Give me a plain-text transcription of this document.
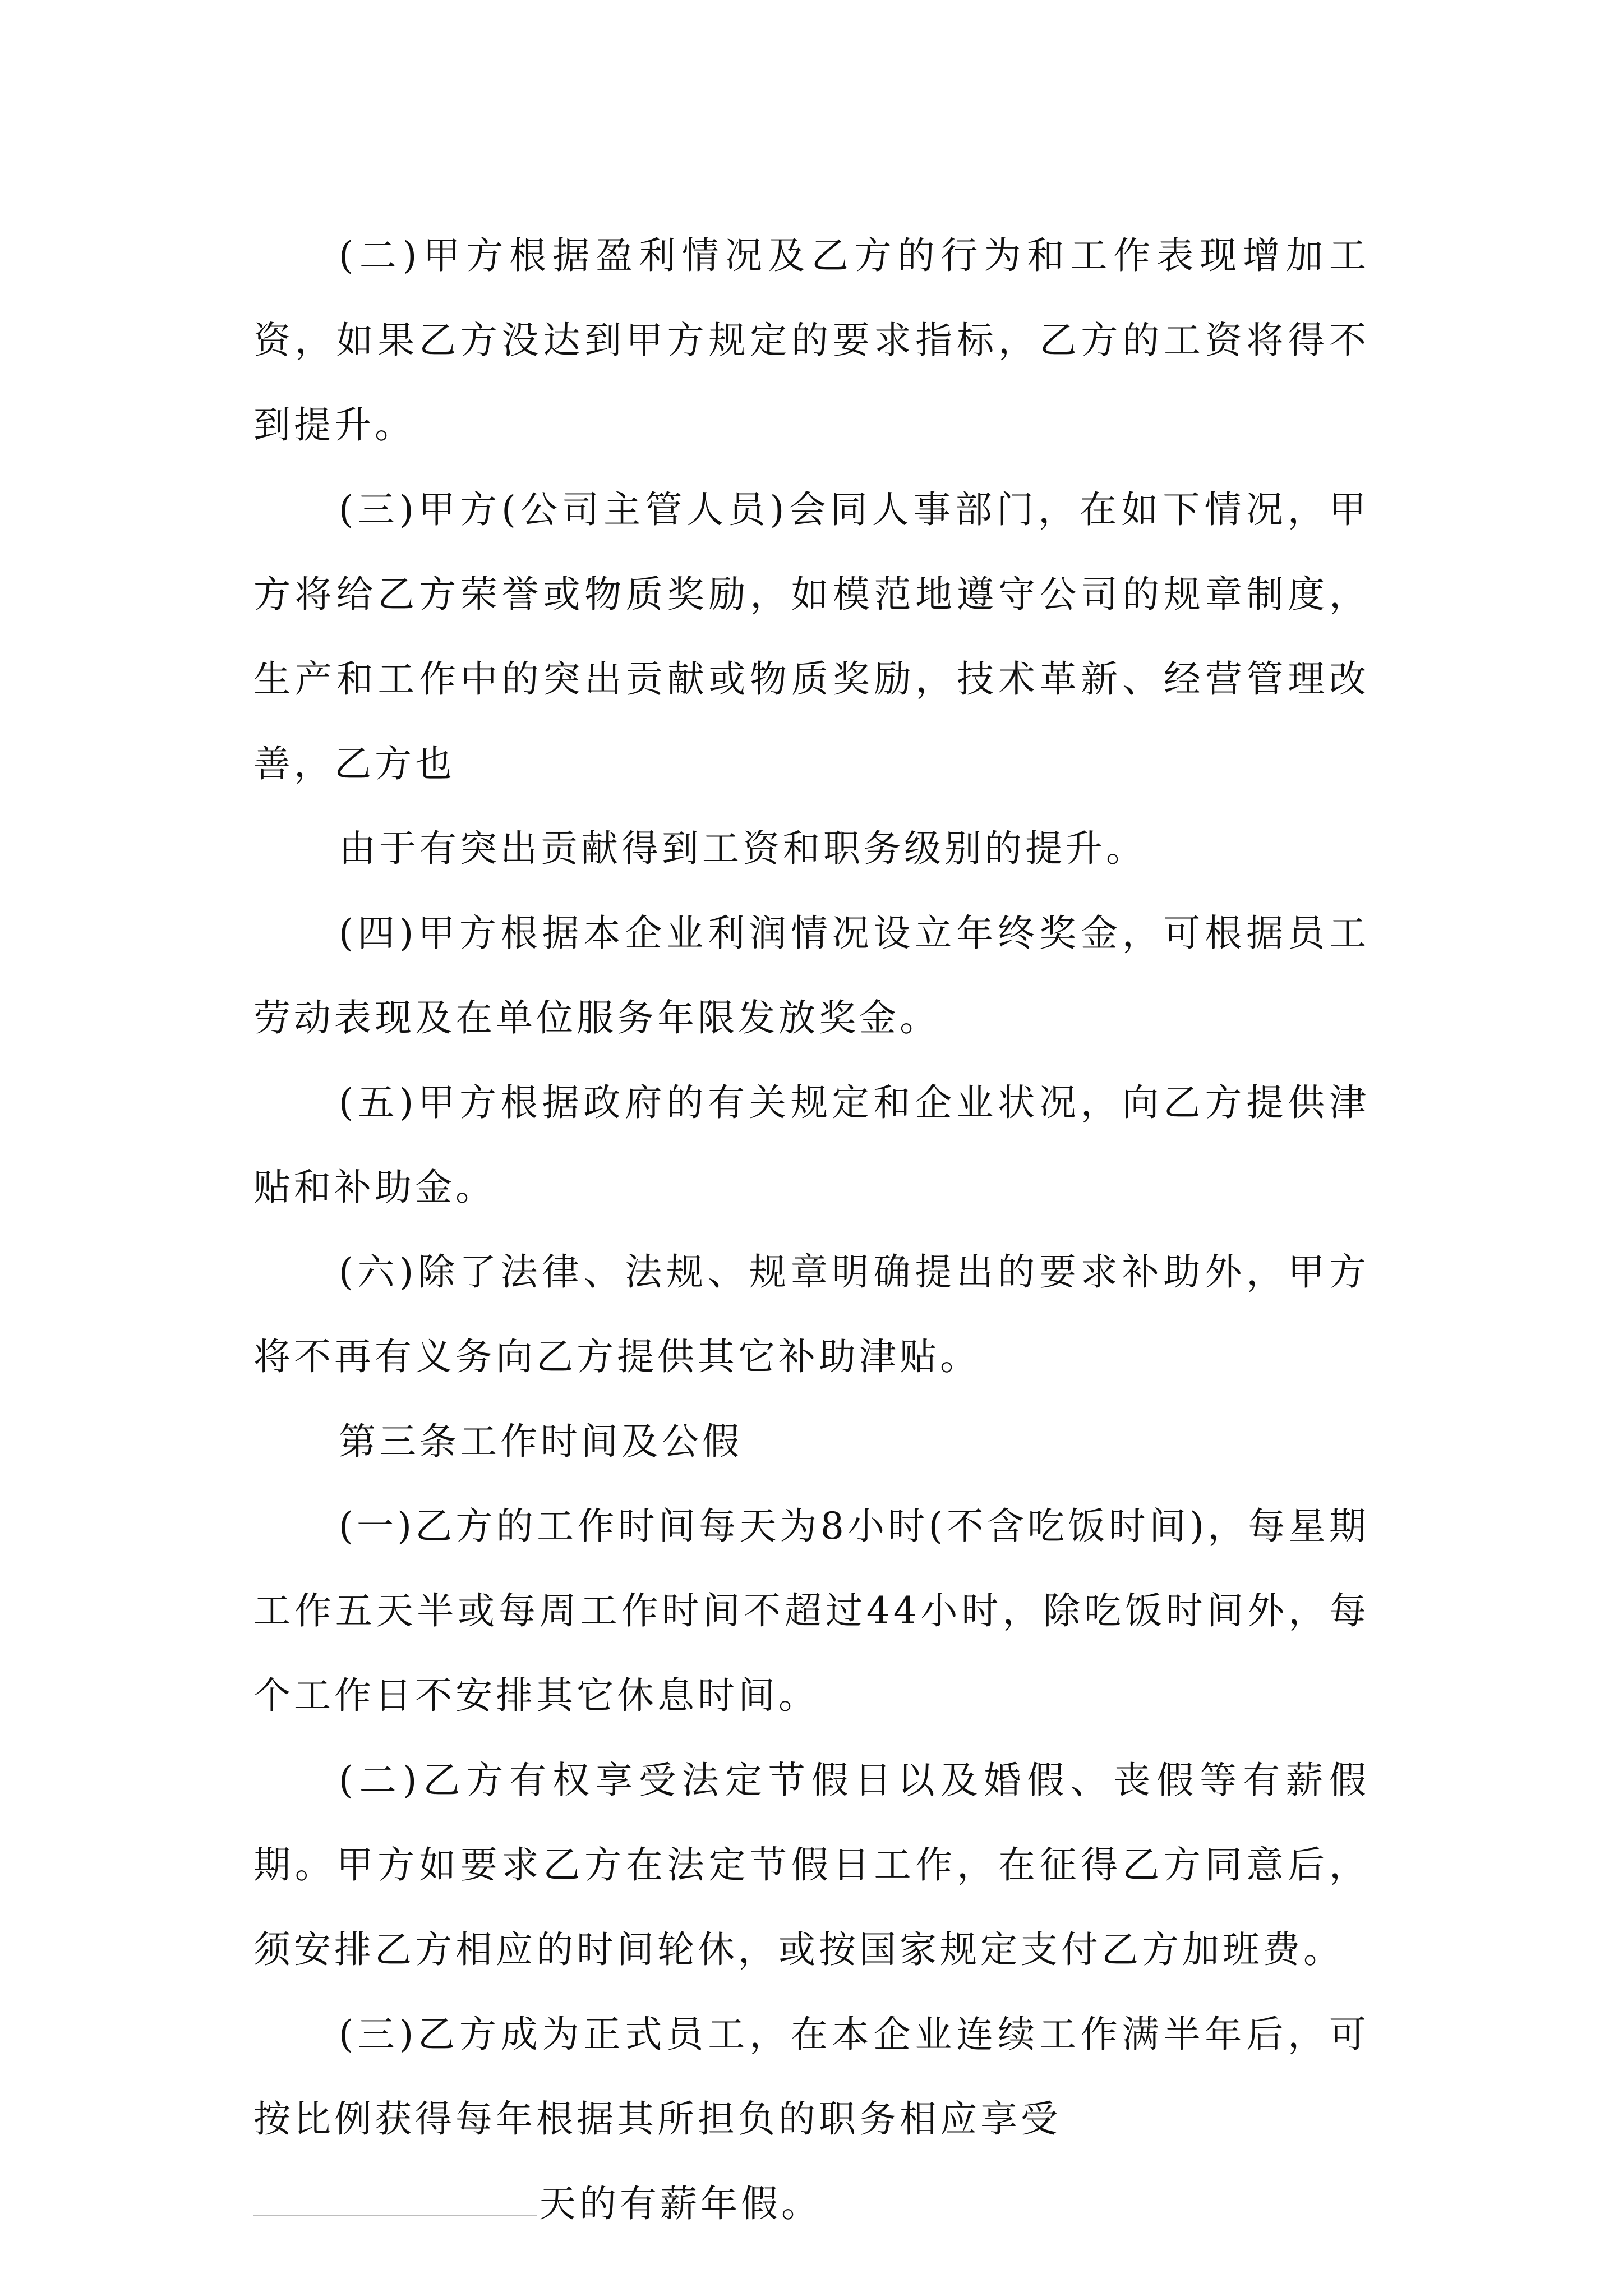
(二)甲方根据盈利情况及乙方的行为和工作表现增加工资，如果乙方没达到甲方规定的要求指标，乙方的工资将得不到提升。

(三)甲方(公司主管人员)会同人事部门，在如下情况，甲方将给乙方荣誉或物质奖励，如模范地遵守公司的规章制度，生产和工作中的突出贡献或物质奖励，技术革新、经营管理改善，乙方也

由于有突出贡献得到工资和职务级别的提升。

(四)甲方根据本企业利润情况设立年终奖金，可根据员工劳动表现及在单位服务年限发放奖金。

(五)甲方根据政府的有关规定和企业状况，向乙方提供津贴和补助金。

(六)除了法律、法规、规章明确提出的要求补助外，甲方将不再有义务向乙方提供其它补助津贴。

第三条工作时间及公假

(一)乙方的工作时间每天为8小时(不含吃饭时间)，每星期工作五天半或每周工作时间不超过44小时，除吃饭时间外，每个工作日不安排其它休息时间。

(二)乙方有权享受法定节假日以及婚假、丧假等有薪假期。甲方如要求乙方在法定节假日工作，在征得乙方同意后，须安排乙方相应的时间轮休，或按国家规定支付乙方加班费。

(三)乙方成为正式员工，在本企业连续工作满半年后，可按比例获得每年根据其所担负的职务相应享受

天的有薪年假。
